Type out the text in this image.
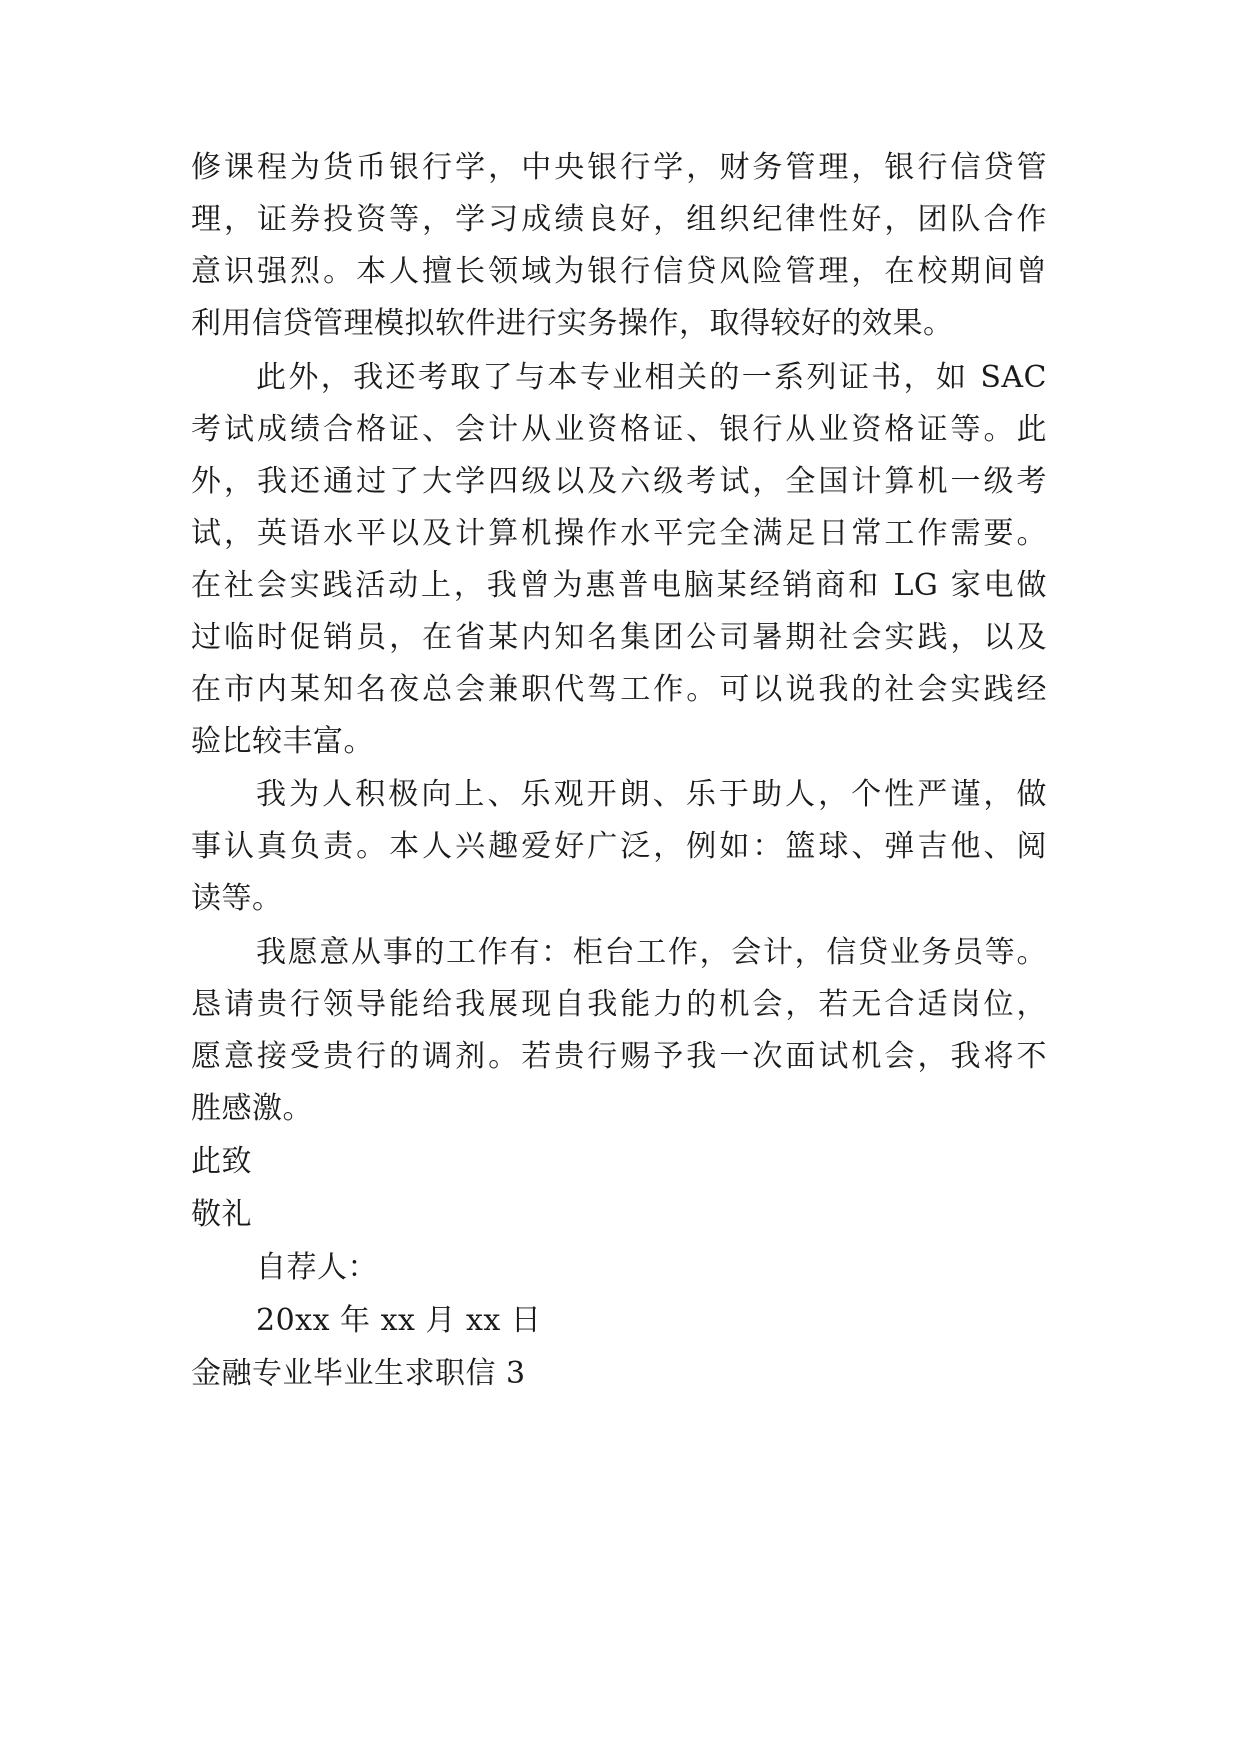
修课程为货币银行学，中央银行学，财务管理，银行信贷管
理，证券投资等，学习成绩良好，组织纪律性好，团队合作
意识强烈。本人擅长领域为银行信贷风险管理，在校期间曾
利用信贷管理模拟软件进行实务操作，取得较好的效果。
此外，我还考取了与本专业相关的一系列证书，如 SAC
考试成绩合格证、会计从业资格证、银行从业资格证等。此
外，我还通过了大学四级以及六级考试，全国计算机一级考
试，英语水平以及计算机操作水平完全满足日常工作需要。
在社会实践活动上，我曾为惠普电脑某经销商和 LG 家电做
过临时促销员，在省某内知名集团公司暑期社会实践，以及
在市内某知名夜总会兼职代驾工作。可以说我的社会实践经
验比较丰富。
我为人积极向上、乐观开朗、乐于助人，个性严谨，做
事认真负责。本人兴趣爱好广泛，例如：篮球、弹吉他、阅
读等。
我愿意从事的工作有：柜台工作，会计，信贷业务员等。
恳请贵行领导能给我展现自我能力的机会，若无合适岗位，
愿意接受贵行的调剂。若贵行赐予我一次面试机会，我将不
胜感激。
此致
敬礼
自荐人：
20xx 年 xx 月 xx 日
金融专业毕业生求职信 3
